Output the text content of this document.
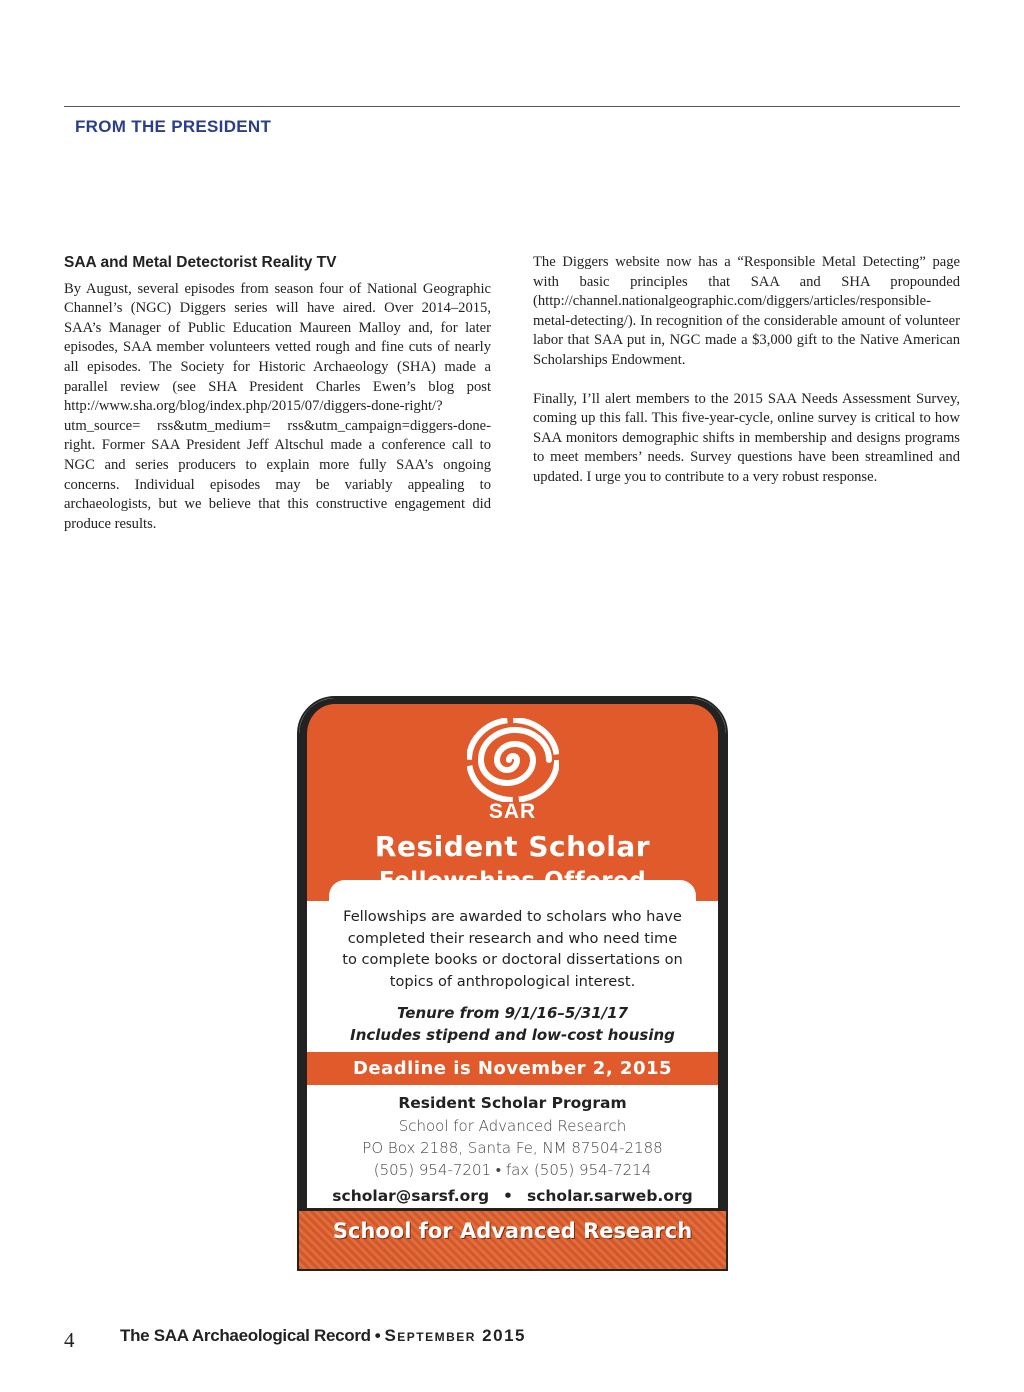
FROM THE PRESIDENT
SAA and Metal Detectorist Reality TV

By August, several episodes from season four of National Geographic Channel’s (NGC) Diggers series will have aired. Over 2014–2015, SAA’s Manager of Public Education Maureen Malloy and, for later episodes, SAA member volunteers vetted rough and fine cuts of nearly all episodes. The Society for Historic Archaeology (SHA) made a parallel review (see SHA President Charles Ewen’s blog post http://www.sha.org/blog/index.php/2015/07/diggers-done-right/?utm_source= rss&utm_medium= rss&utm_campaign=diggers-done-right. Former SAA President Jeff Altschul made a conference call to NGC and series producers to explain more fully SAA’s ongoing concerns. Individual episodes may be variably appealing to archaeologists, but we believe that this constructive engagement did produce results.

The Diggers website now has a “Responsible Metal Detecting” page with basic principles that SAA and SHA propounded (http://channel.nationalgeographic.com/diggers/articles/responsible-metal-detecting/). In recognition of the considerable amount of volunteer labor that SAA put in, NGC made a $3,000 gift to the Native American Scholarships Endowment.

Finally, I’ll alert members to the 2015 SAA Needs Assessment Survey, coming up this fall. This five-year-cycle, online survey is critical to how SAA monitors demographic shifts in membership and designs programs to meet members’ needs. Survey questions have been streamlined and updated. I urge you to contribute to a very robust response.

SAR
Resident Scholar
Fellowships are awarded to scholars who have
completed their research and who need time
to complete books or doctoral dissertations on
topics of anthropological interest.
Tenure from 9/1/16–5/31/17
Includes stipend and low-cost housing
Deadline is November 2, 2015
Resident Scholar Program
School for Advanced Research
PO Box 2188, Santa Fe, NM 87504-2188
(505) 954-7201 • fax (505) 954-7214
scholar@sarsf.org • scholar.sarweb.org
School for Advanced Research
4	The SAA Archaeological Record • September 2015
